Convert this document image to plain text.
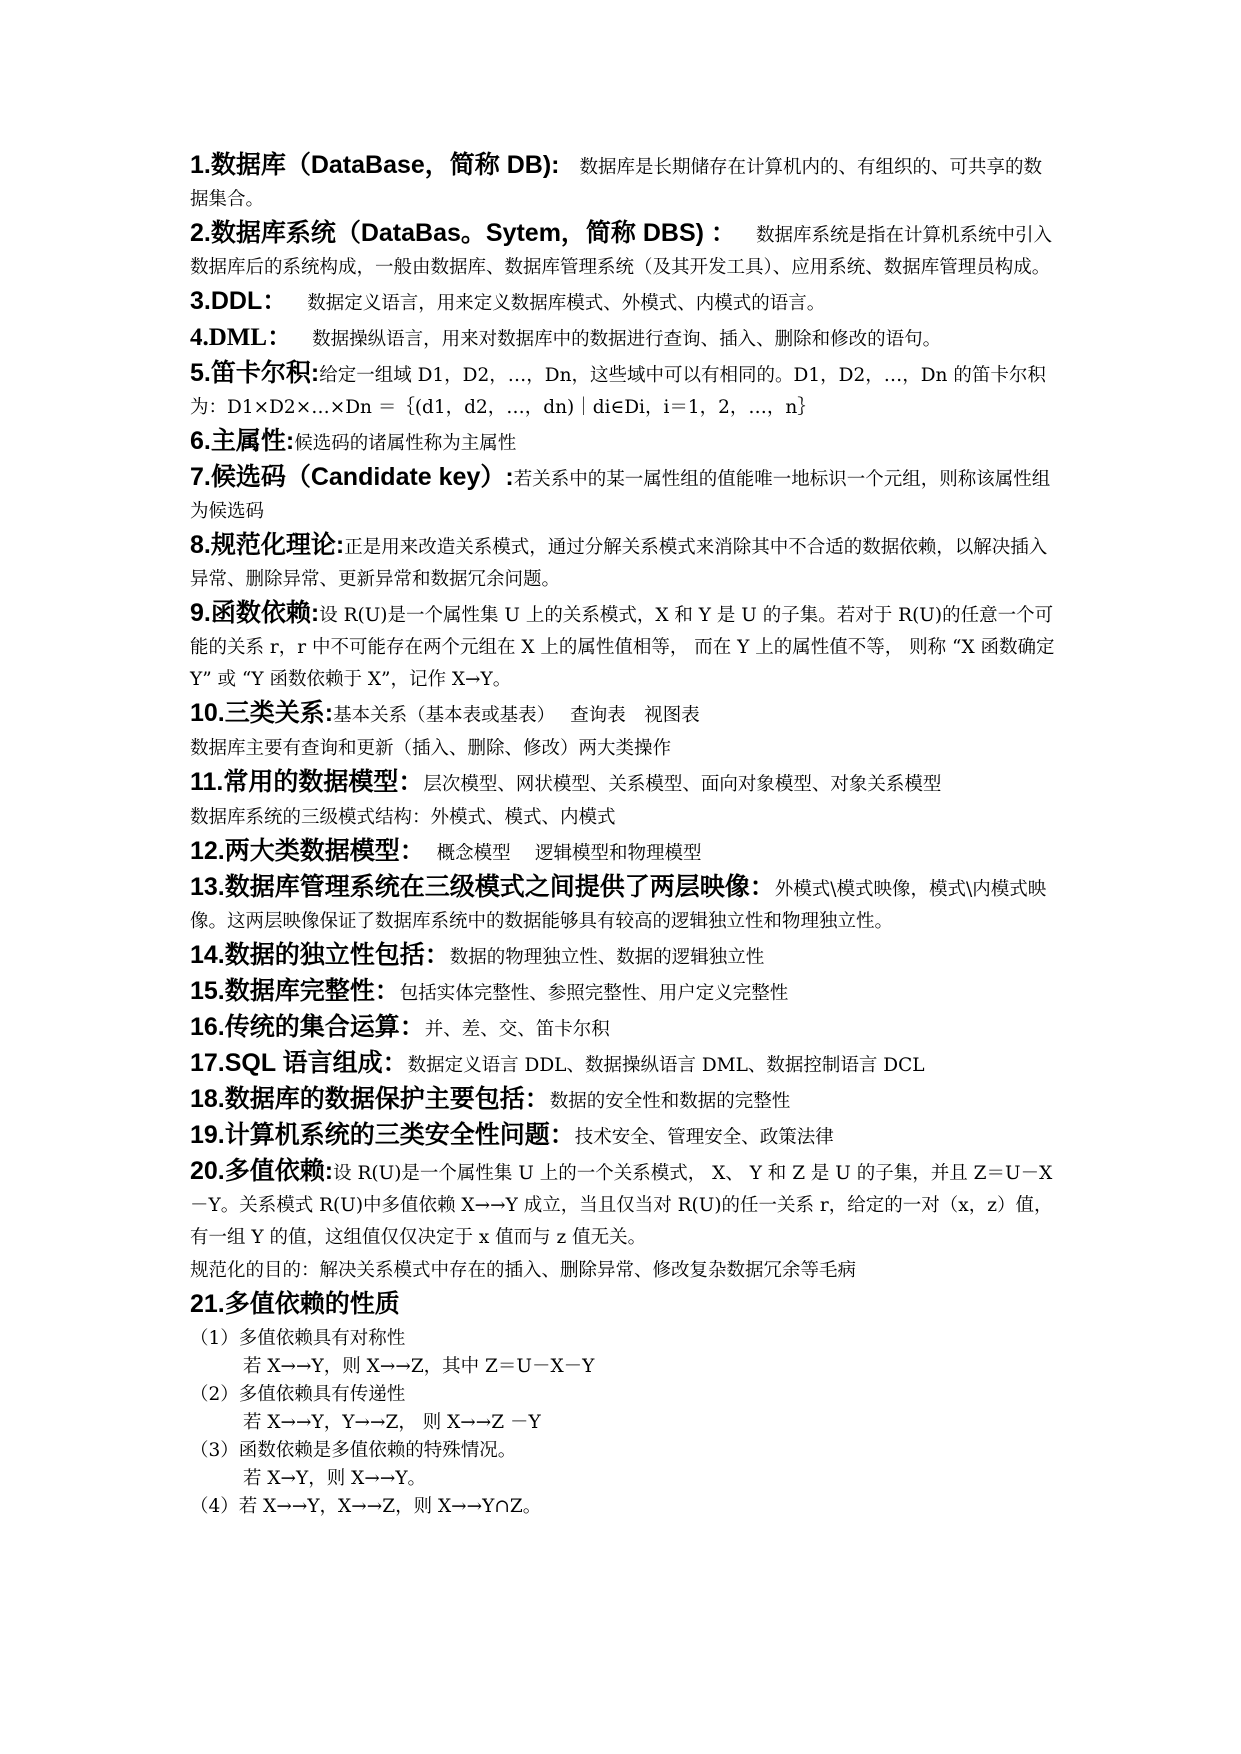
1.数据库（DataBase，简称 DB): 数据库是长期储存在计算机内的、有组织的、可共享的数据集合。
2.数据库系统（DataBas。Sytem，简称 DBS) ： 数据库系统是指在计算机系统中引入数据库后的系统构成，一般由数据库、数据库管理系统（及其开发工具）、应用系统、数据库管理员构成。
3.DDL： 数据定义语言，用来定义数据库模式、外模式、内模式的语言。
4.DML： 数据操纵语言，用来对数据库中的数据进行查询、插入、删除和修改的语句。
5.笛卡尔积:给定一组域 D1，D2，…，Dn，这些域中可以有相同的。D1，D2，…，Dn 的笛卡尔积为：D1×D2×…×Dn ＝｛(d1，d2，…，dn)｜di∈Di，i＝1，2，…，n｝
6.主属性:候选码的诸属性称为主属性
7.候选码（Candidate key）:若关系中的某一属性组的值能唯一地标识一个元组，则称该属性组为候选码
8.规范化理论:正是用来改造关系模式，通过分解关系模式来消除其中不合适的数据依赖，以解决插入异常、删除异常、更新异常和数据冗余问题。
9.函数依赖:设 R(U)是一个属性集 U 上的关系模式，X 和 Y 是 U 的子集。若对于 R(U)的任意一个可能的关系 r，r 中不可能存在两个元组在 X 上的属性值相等， 而在 Y 上的属性值不等， 则称 “X 函数确定 Y” 或 “Y 函数依赖于 X”，记作 X→Y。
10.三类关系:基本关系（基本表或基表）　 查询表　视图表
数据库主要有查询和更新（插入、删除、修改）两大类操作
11.常用的数据模型：层次模型、网状模型、关系模型、面向对象模型、对象关系模型
数据库系统的三级模式结构：外模式、模式、内模式
12.两大类数据模型：　 概念模型　 逻辑模型和物理模型
13.数据库管理系统在三级模式之间提供了两层映像：外模式\模式映像，模式\内模式映像。这两层映像保证了数据库系统中的数据能够具有较高的逻辑独立性和物理独立性。
14.数据的独立性包括：数据的物理独立性、数据的逻辑独立性
15.数据库完整性：包括实体完整性、参照完整性、用户定义完整性
16.传统的集合运算：并、差、交、笛卡尔积
17.SQL 语言组成：数据定义语言 DDL、数据操纵语言 DML、数据控制语言 DCL
18.数据库的数据保护主要包括：数据的安全性和数据的完整性
19.计算机系统的三类安全性问题：技术安全、管理安全、政策法律
20.多值依赖:设 R(U)是一个属性集 U 上的一个关系模式， X、 Y 和 Z 是 U 的子集，并且 Z＝U－X－Y。关系模式 R(U)中多值依赖 X→→Y 成立，当且仅当对 R(U)的任一关系 r，给定的一对（x，z）值，有一组 Y 的值，这组值仅仅决定于 x 值而与 z 值无关。
规范化的目的：解决关系模式中存在的插入、删除异常、修改复杂数据冗余等毛病
21.多值依赖的性质
（1）多值依赖具有对称性
若 X→→Y，则 X→→Z，其中 Z＝U－X－Y
（2）多值依赖具有传递性
若 X→→Y，Y→→Z， 则 X→→Z －Y
（3）函数依赖是多值依赖的特殊情况。
若 X→Y，则 X→→Y。
（4）若 X→→Y，X→→Z，则 X→→Y∩Z。
